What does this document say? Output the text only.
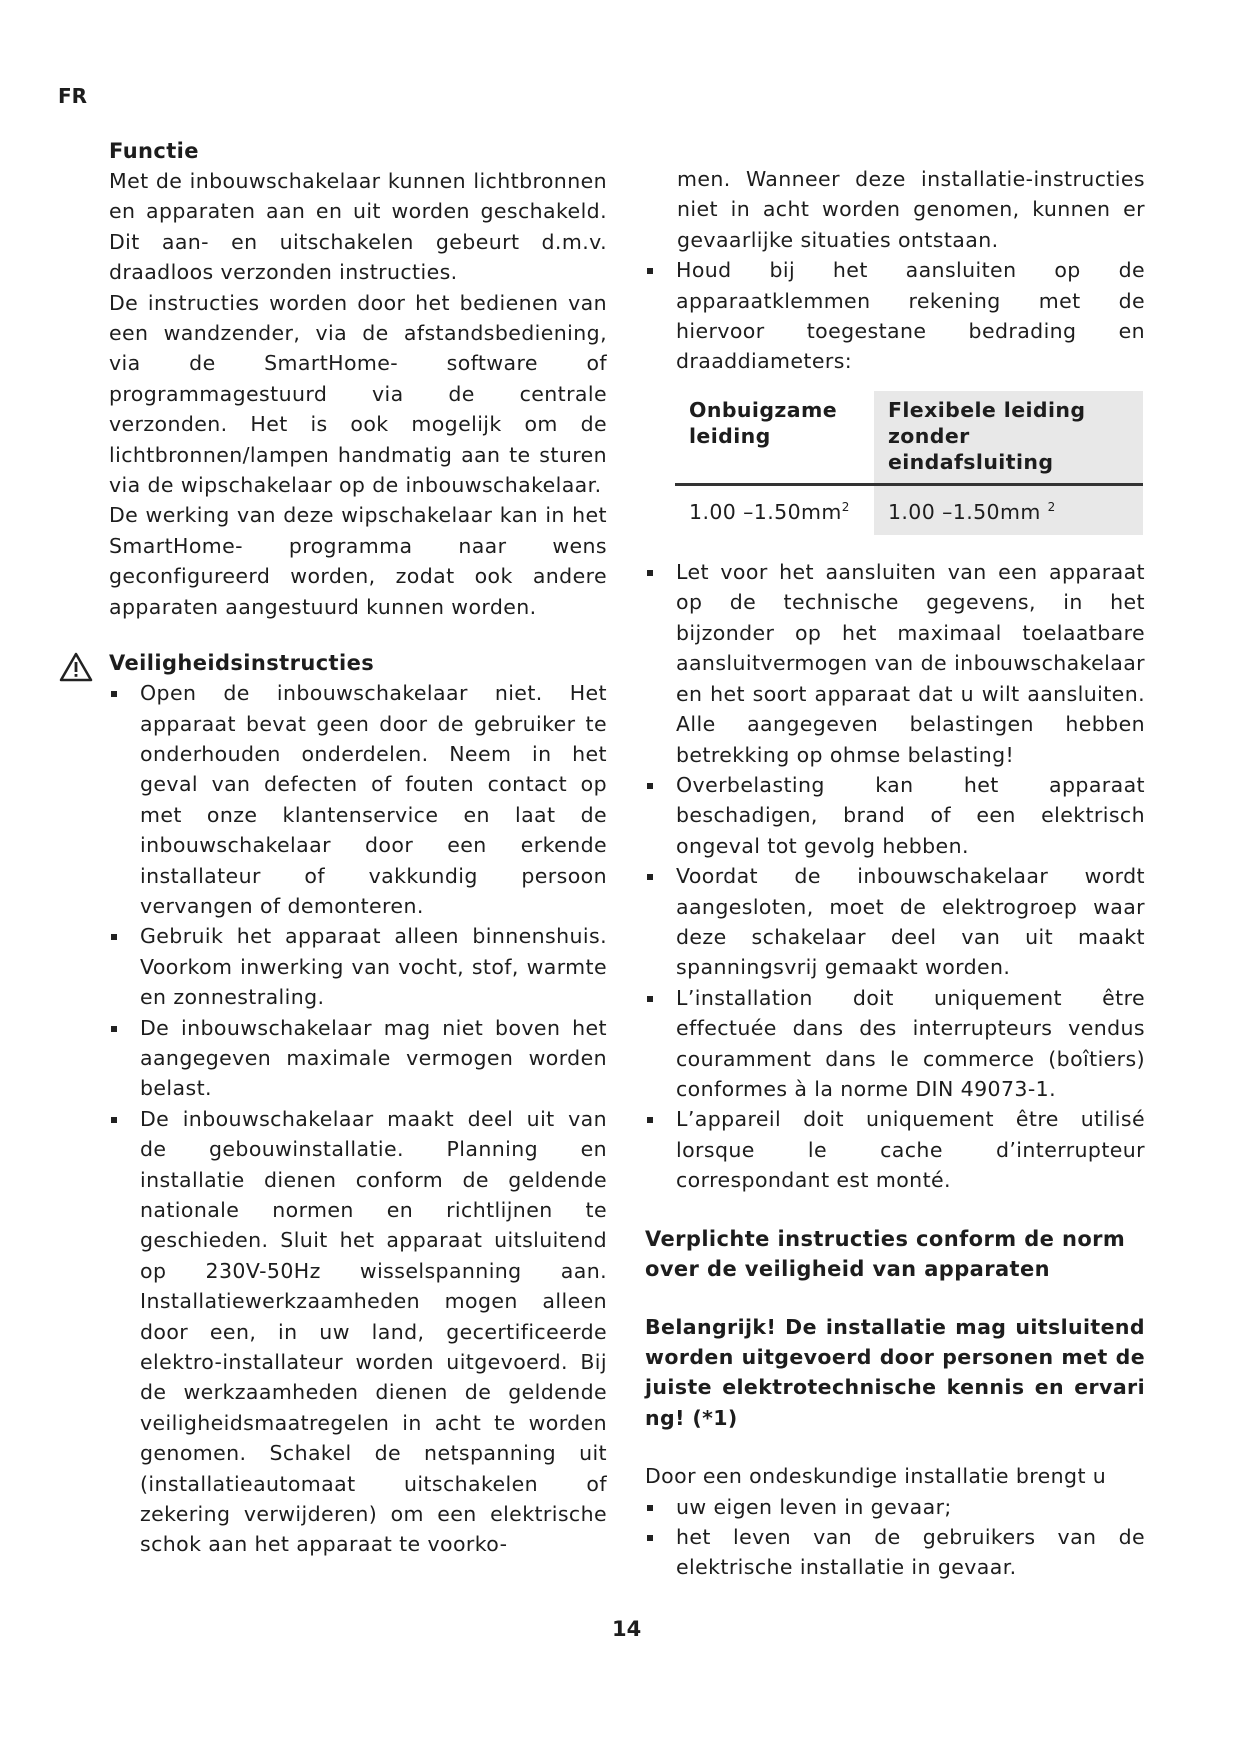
FR
Functie

Met de inbouwschakelaar kunnen lichtbronnen en apparaten aan en uit worden geschakeld. Dit aan- en uitschakelen gebeurt d.m.v. draadloos verzonden instructies.

De instructies worden door het bedienen van een wandzender, via de afstandsbediening, via de SmartHome- software of programmagestuurd via de centrale verzonden. Het is ook mogelijk om de lichtbronnen/lampen handmatig aan te sturen via de wipschakelaar op de inbouwschakelaar.

De werking van deze wipschakelaar kan in het SmartHome- programma naar wens geconfigureerd worden, zodat ook andere apparaten aangestuurd kunnen worden.

Veiligheidsinstructies
Open de inbouwschakelaar niet. Het apparaat bevat geen door de gebruiker te onderhouden onderdelen. Neem in het geval van defecten of fouten contact op met onze klantenservice en laat de inbouwschakelaar door een erkende installateur of vakkundig persoon vervangen of demonteren.
Gebruik het apparaat alleen binnenshuis. Voorkom inwerking van vocht, stof, warmte en zonnestraling.
De inbouwschakelaar mag niet boven het aangegeven maximale vermogen worden belast.
De inbouwschakelaar maakt deel uit van de gebouwinstallatie. Planning en installatie dienen conform de geldende nationale normen en richtlijnen te geschieden. Sluit het apparaat uitsluitend op 230V-50Hz wisselspanning aan. Installatiewerkzaamheden mogen alleen door een, in uw land, gecertificeerde elektro-installateur worden uitgevoerd. Bij de werkzaamheden dienen de geldende veiligheidsmaatregelen in acht te worden genomen. Schakel de netspanning uit (installatieautomaat uitschakelen of zekering verwijderen) om een elektrische schok aan het apparaat te voorko-

men. Wanneer deze installatie-instructies niet in acht worden genomen, kunnen er gevaarlijke situaties ontstaan.

Houd bij het aansluiten op de apparaatklemmen rekening met de hiervoor toegestane bedrading en draaddiameters:
Onbuigzame leiding	Flexibele leiding zonder eindafsluiting
1.00 $-1.50mm^2$	1.00 –1.50mm $^2$
Let voor het aansluiten van een apparaat op de technische gegevens, in het bijzonder op het maximaal toelaatbare aansluitvermogen van de inbouwschakelaar en het soort apparaat dat u wilt aansluiten. Alle aangegeven belastingen hebben betrekking op ohmse belasting!
Overbelasting kan het apparaat beschadigen, brand of een elektrisch ongeval tot gevolg hebben.
Voordat de inbouwschakelaar wordt aangesloten, moet de elektrogroep waar deze schakelaar deel van uit maakt spanningsvrij gemaakt worden.
L’installation doit uniquement être effectuée dans des interrupteurs vendus couramment dans le commerce (boîtiers) conformes à la norme DIN 49073-1.
L’appareil doit uniquement être utilisé lorsque le cache d’interrupteur correspondant est monté.
Verplichte instructies conform de norm over de veiligheid van apparaten

Belangrijk! De installatie mag uitsluitend worden uitgevoerd door personen met de juiste elektrotechnische kennis en ervari ng! (*1)

Door een ondeskundige installatie brengt u

uw eigen leven in gevaar;
het leven van de gebruikers van de elektrische installatie in gevaar.
14
